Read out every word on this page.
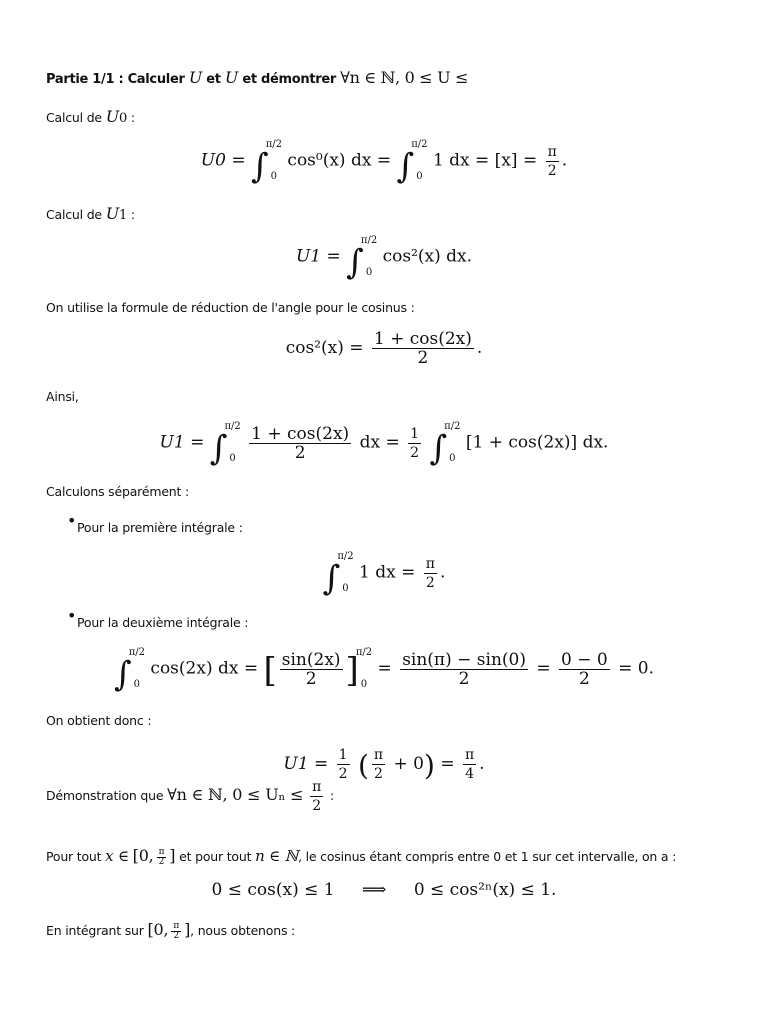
Partie 1/1 : Calculer U et U et démontrer ∀n ∈ ℕ, 0 ≤ U ≤
Calcul de U0 :
U0 = ∫
π/2
0
cos⁰(x) dx = ∫
π/2
0
1 dx = $[x] = \frac{\pi}{2}$ .
Calcul de U1 :
U1 = ∫
π/2
0
cos²(x) dx.
On utilise la formule de réduction de l'angle pour le cosinus :
$\cos^2(x) = \frac{1 + \cos(2x)}{2}$ .
Ainsi,
U1 = ∫
π/2
0
$\frac{1 + \cos(2x)}{2}$ dx = $\frac{1}{2}$ ∫
π/2
0
[1 + cos(2x)] dx.
Calculons séparément :
• Pour la première intégrale :
∫
π/2
0
1 dx = $\frac{\pi}{2}$ .
• Pour la deuxième intégrale :
∫
π/2
0
cos(2x) dx = [ $\frac{\sin(2x)}{2}$ ]
π/2
0
= $\frac{\sin(\pi) - \sin(0)}{2} = \frac{0 - 0}{2} = 0$.
On obtient donc :
$U1 = \frac{1}{2}$ ( $\frac{\pi}{2} + 0) = \frac{\pi}{4}$ .
Démonstration que ∀n ∈ ℕ, $0 \le U_n \le \frac{\pi}{2}$ :
Pour tout x ∈ [0, $\frac{\pi}{2}$ ] et pour tout n ∈ ℕ, le cosinus étant compris entre 0 et 1 sur cet intervalle, on a :
0 ≤ cos(x) ≤ 1 ⟹ 0 ≤ cos²ⁿ(x) ≤ 1.
En intégrant sur [0, $\frac{\pi}{2}$ ], nous obtenons :
